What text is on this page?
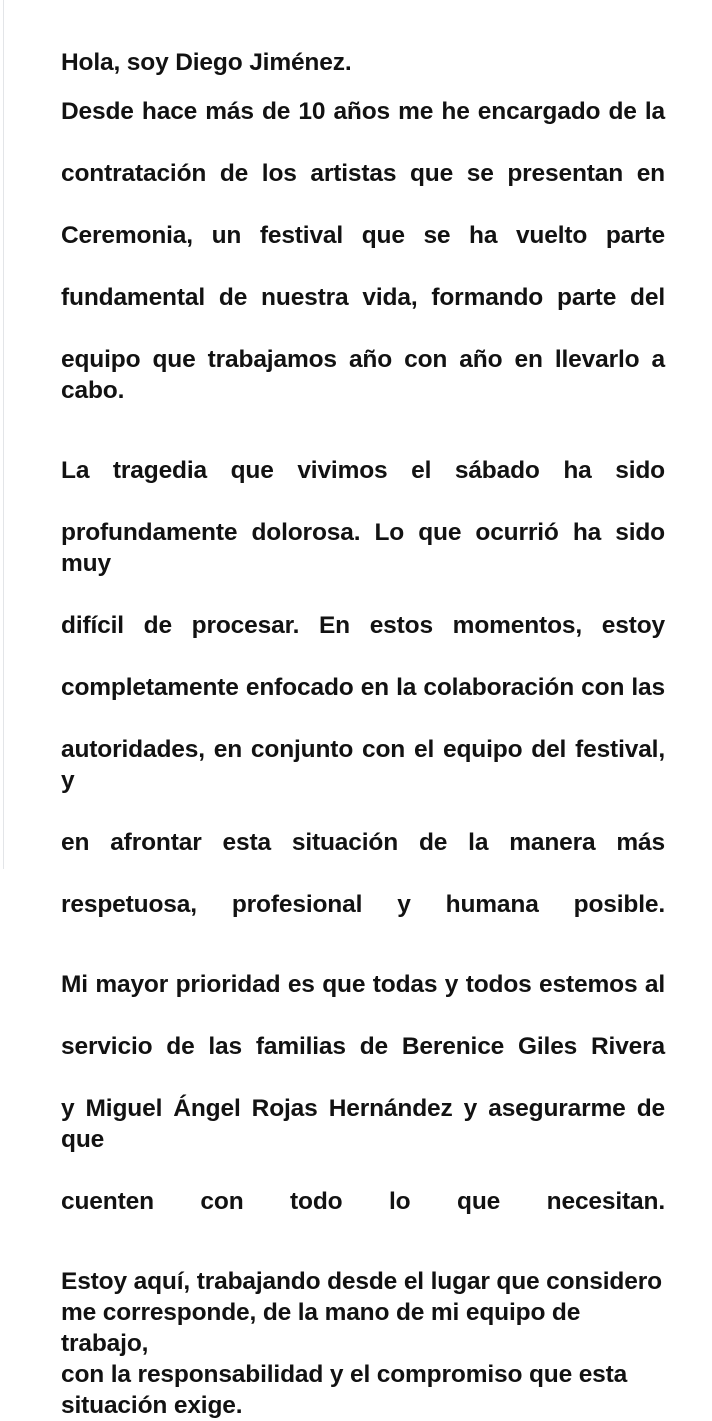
Hola, soy Diego Jiménez.

Desde hace más de 10 años me he encargado de la
contratación de los artistas que se presentan en
Ceremonia, un festival que se ha vuelto parte
fundamental de nuestra vida, formando parte del
equipo que trabajamos año con año en llevarlo a cabo.

La tragedia que vivimos el sábado ha sido
profundamente dolorosa. Lo que ocurrió ha sido muy
difícil de procesar. En estos momentos, estoy
completamente enfocado en la colaboración con las
autoridades, en conjunto con el equipo del festival, y
en afrontar esta situación de la manera más
respetuosa, profesional y humana posible.

Mi mayor prioridad es que todas y todos estemos al
servicio de las familias de Berenice Giles Rivera
y Miguel Ángel Rojas Hernández y asegurarme de que
cuenten con todo lo que necesitan.

Estoy aquí, trabajando desde el lugar que considero
me corresponde, de la mano de mi equipo de trabajo,
con la responsabilidad y el compromiso que esta
situación exige.
